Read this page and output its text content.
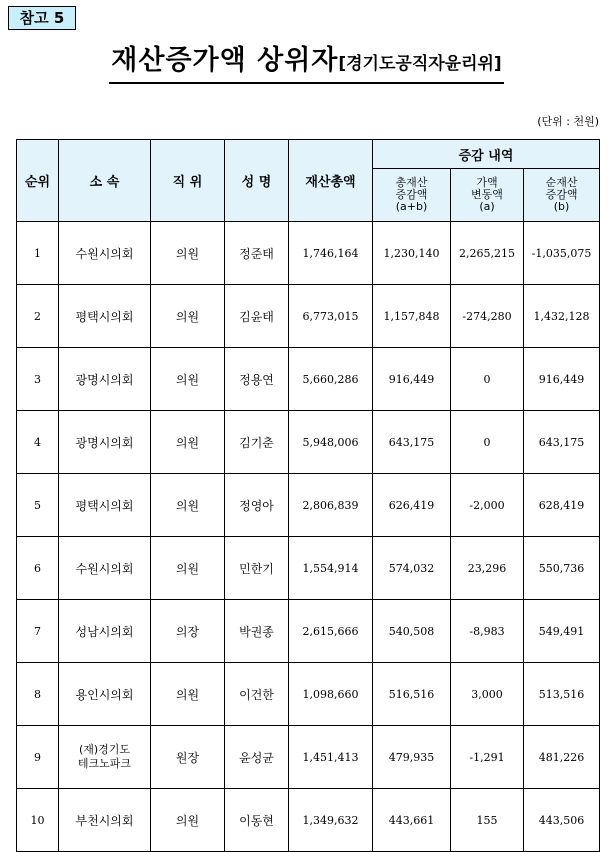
참고 5
재산증가액 상위자[경기도공직자윤리위]
(단위 : 천원)
순위	소 속	직 위	성 명	재산총액	증감 내역		
					총재산
증감액
(a+b)	가액
변동액
(a)	순재산
증감액
(b)
1	수원시의회	의원	정준태	1,746,164	1,230,140	2,265,215	-1,035,075
2	평택시의회	의원	김윤태	6,773,015	1,157,848	-274,280	1,432,128
3	광명시의회	의원	정용연	5,660,286	916,449	0	916,449
4	광명시의회	의원	김기춘	5,948,006	643,175	0	643,175
5	평택시의회	의원	정영아	2,806,839	626,419	-2,000	628,419
6	수원시의회	의원	민한기	1,554,914	574,032	23,296	550,736
7	성남시의회	의장	박권종	2,615,666	540,508	-8,983	549,491
8	용인시의회	의원	이건한	1,098,660	516,516	3,000	513,516
9	(재)경기도
테크노파크	원장	윤성균	1,451,413	479,935	-1,291	481,226
10	부천시의회	의원	이동현	1,349,632	443,661	155	443,506
